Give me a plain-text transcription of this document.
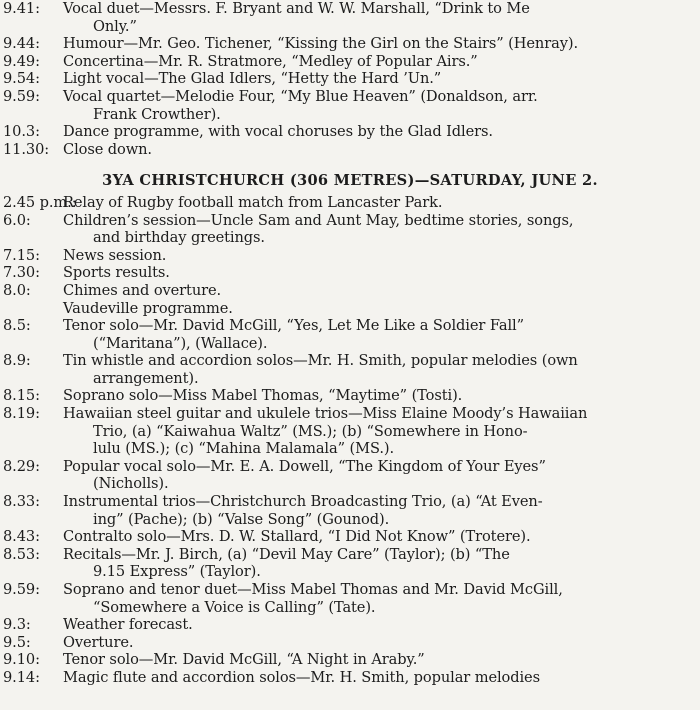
9.41: Vocal duet—Messrs. F. Bryant and W. W. Marshall, “Drink to Me
Only.”
9.44: Humour—Mr. Geo. Tichener, “Kissing the Girl on the Stairs” (Henray).
9.49: Concertina—Mr. R. Stratmore, “Medley of Popular Airs.”
9.54: Light vocal—The Glad Idlers, “Hetty the Hard ’Un.”
9.59: Vocal quartet—Melodie Four, “My Blue Heaven” (Donaldson, arr.
Frank Crowther).
10.3: Dance programme, with vocal choruses by the Glad Idlers.
11.30: Close down.
3YA CHRISTCHURCH (306 METRES)—SATURDAY, JUNE 2.
2.45 p.m.:
Relay of Rugby football match from Lancaster Park.
6.0: Children’s session—Uncle Sam and Aunt May, bedtime stories, songs,
and birthday greetings.
7.15: News session.
7.30: Sports results.
8.0: Chimes and overture.
Vaudeville programme.
8.5: Tenor solo—Mr. David McGill, “Yes, Let Me Like a Soldier Fall”
(“Maritana”), (Wallace).
8.9: Tin whistle and accordion solos—Mr. H. Smith, popular melodies (own
arrangement).
8.15: Soprano solo—Miss Mabel Thomas, “Maytime” (Tosti).
8.19: Hawaiian steel guitar and ukulele trios—Miss Elaine Moody’s Hawaiian
Trio, (a) “Kaiwahua Waltz” (MS.); (b) “Somewhere in Hono-
lulu (MS.); (c) “Mahina Malamala” (MS.).
8.29: Popular vocal solo—Mr. E. A. Dowell, “The Kingdom of Your Eyes”
(Nicholls).
8.33: Instrumental trios—Christchurch Broadcasting Trio, (a) “At Even-
ing” (Pache); (b) “Valse Song” (Gounod).
8.43: Contralto solo—Mrs. D. W. Stallard, “I Did Not Know” (Trotere).
8.53: Recitals—Mr. J. Birch, (a) “Devil May Care” (Taylor); (b) “The
9.15 Express” (Taylor).
9.59: Soprano and tenor duet—Miss Mabel Thomas and Mr. David McGill,
“Somewhere a Voice is Calling” (Tate).
9.3: Weather forecast.
9.5: Overture.
9.10: Tenor solo—Mr. David McGill, “A Night in Araby.”
9.14: Magic flute and accordion solos—Mr. H. Smith, popular melodies
